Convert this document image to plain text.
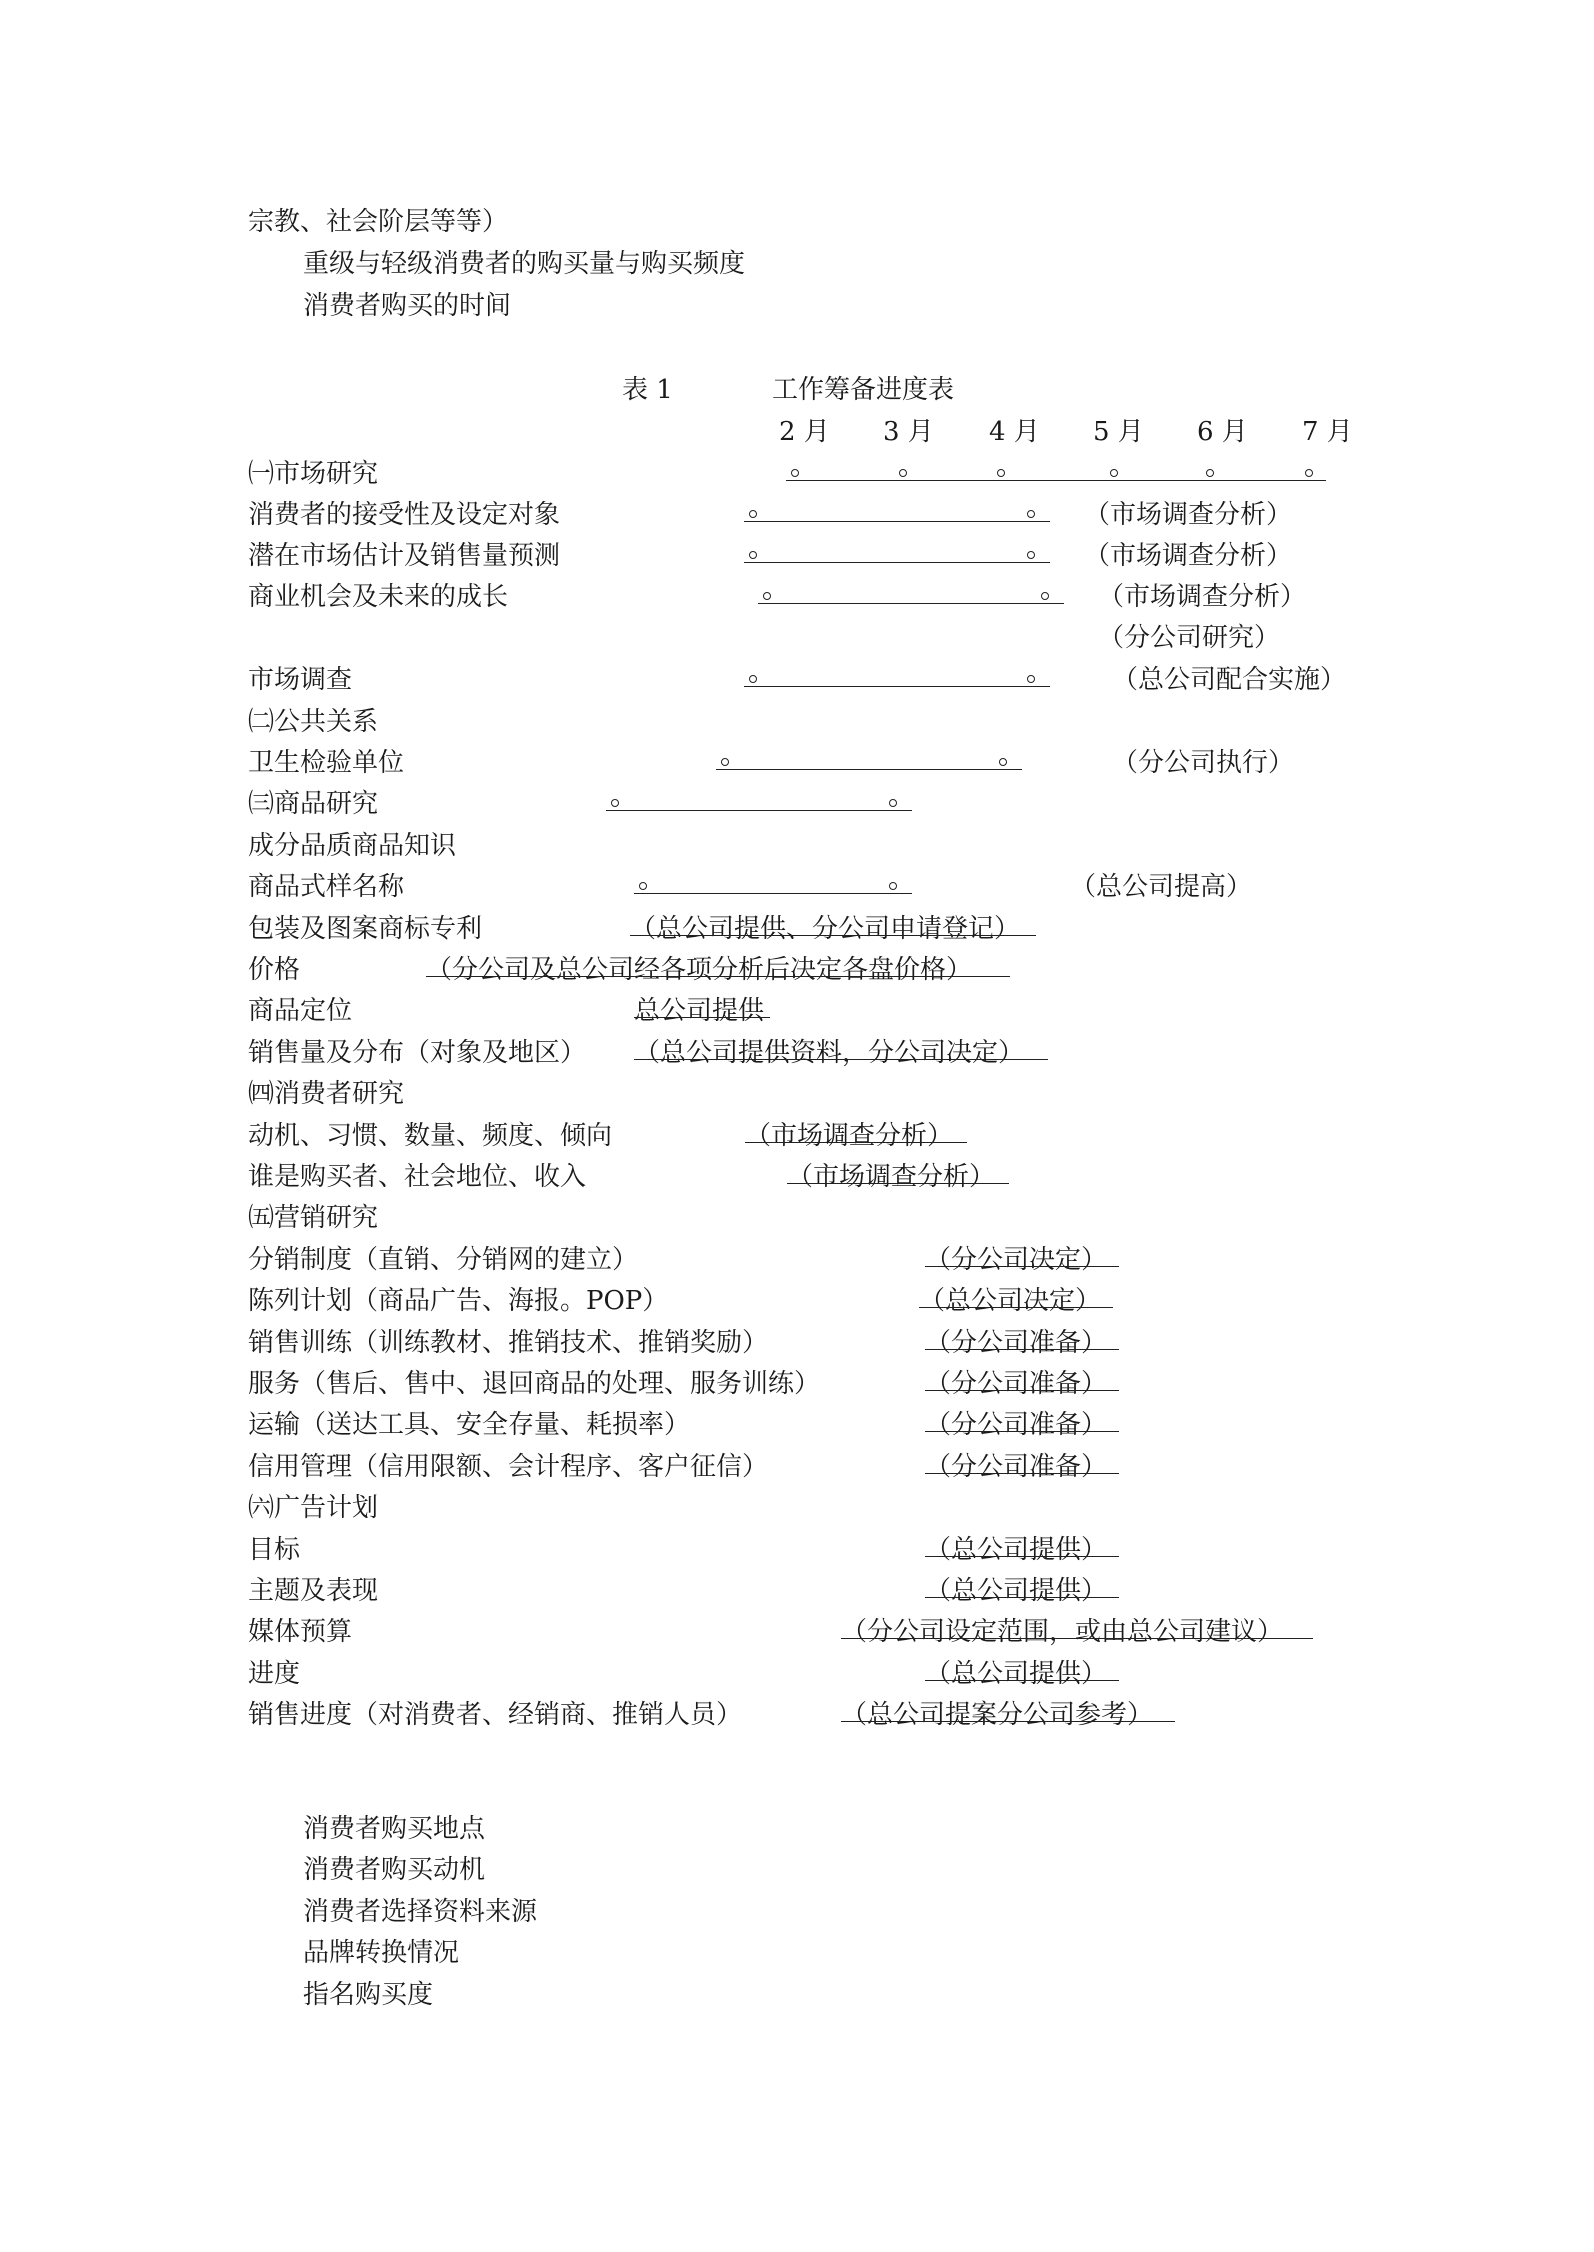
宗教、社会阶层等等）
重级与轻级消费者的购买量与购买频度
消费者购买的时间
表 1	工作筹备进度表
2 月 3 月 4 月 5 月 6 月 7 月
㈠市场研究
消费者的接受性及设定对象
潜在市场估计及销售量预测
商业机会及未来的成长
市场调查
㈡公共关系
卫生检验单位
㈢商品研究
成分品质商品知识
商品式样名称
包装及图案商标专利
价格
商品定位
销售量及分布（对象及地区）
㈣消费者研究
动机、习惯、数量、频度、倾向
谁是购买者、社会地位、收入
㈤营销研究
分销制度（直销、分销网的建立）
陈列计划（商品广告、海报。POP）
销售训练（训练教材、推销技术、推销奖励）
服务（售后、售中、退回商品的处理、服务训练）
运输（送达工具、安全存量、耗损率）
信用管理（信用限额、会计程序、客户征信）
㈥广告计划
目标
主题及表现
媒体预算
进度
销售进度（对消费者、经销商、推销人员）
（市场调查分析）
（市场调查分析）
（市场调查分析）
（分公司研究）
（总公司配合实施）
（分公司执行）
（总公司提高）
（总公司提供、分公司申请登记）
（分公司及总公司经各项分析后决定各盘价格）
总公司提供
（总公司提供资料，分公司决定）
（市场调查分析）
（市场调查分析）
（分公司决定）
（总公司决定）
（分公司准备）
（分公司准备）
（分公司准备）
（分公司准备）
（总公司提供）
（总公司提供）
（分公司设定范围，或由总公司建议）
（总公司提供）
（总公司提案分公司参考）
消费者购买地点
消费者购买动机
消费者选择资料来源
品牌转换情况
指名购买度
